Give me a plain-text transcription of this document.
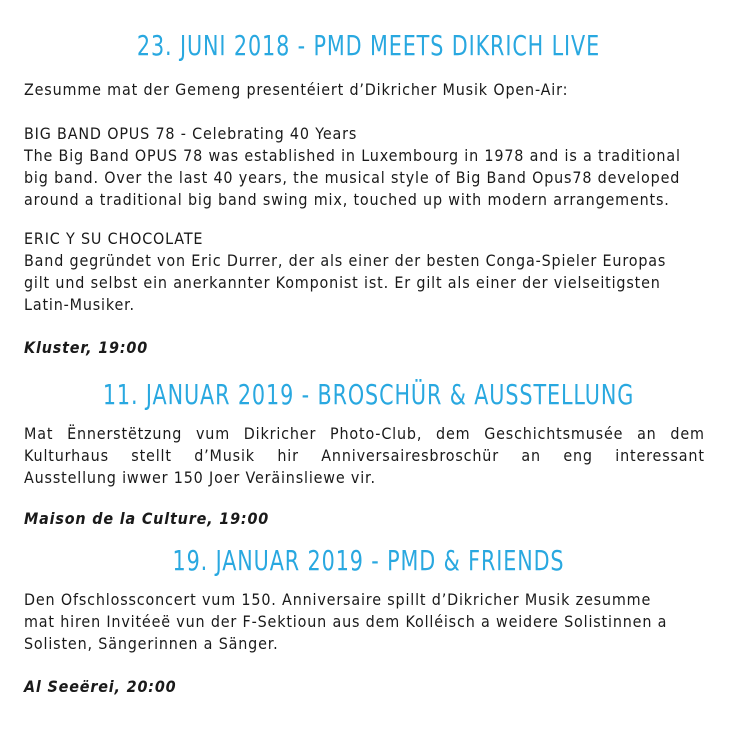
23. JUNI 2018 - PMD MEETS DIKRICH LIVE
Zesumme mat der Gemeng presentéiert d’Dikricher Musik Open-Air:
BIG BAND OPUS 78 - Celebrating 40 Years
The Big Band OPUS 78 was established in Luxembourg in 1978 and is a traditional
big band. Over the last 40 years, the musical style of Big Band Opus78 developed
around a traditional big band swing mix, touched up with modern arrangements.
ERIC Y SU CHOCOLATE
Band gegründet von Eric Durrer, der als einer der besten Conga-Spieler Europas
gilt und selbst ein anerkannter Komponist ist. Er gilt als einer der vielseitigsten
Latin-Musiker.
Kluster, 19:00
11. JANUAR 2019 - BROSCHÜR & AUSSTELLUNG
Mat Ënnerstëtzung vum Dikricher Photo-Club, dem Geschichtsmusée an dem
Kulturhaus stellt d’Musik hir Anniversairesbroschür an eng interessant
Ausstellung iwwer 150 Joer Veräinsliewe vir.
Maison de la Culture, 19:00
19. JANUAR 2019 - PMD & FRIENDS
Den Ofschlossconcert vum 150. Anniversaire spillt d’Dikricher Musik zesumme
mat hiren Invitéeë vun der F-Sektioun aus dem Kolléisch a weidere Solistinnen a
Solisten, Sängerinnen a Sänger.
Al Seeërei, 20:00
